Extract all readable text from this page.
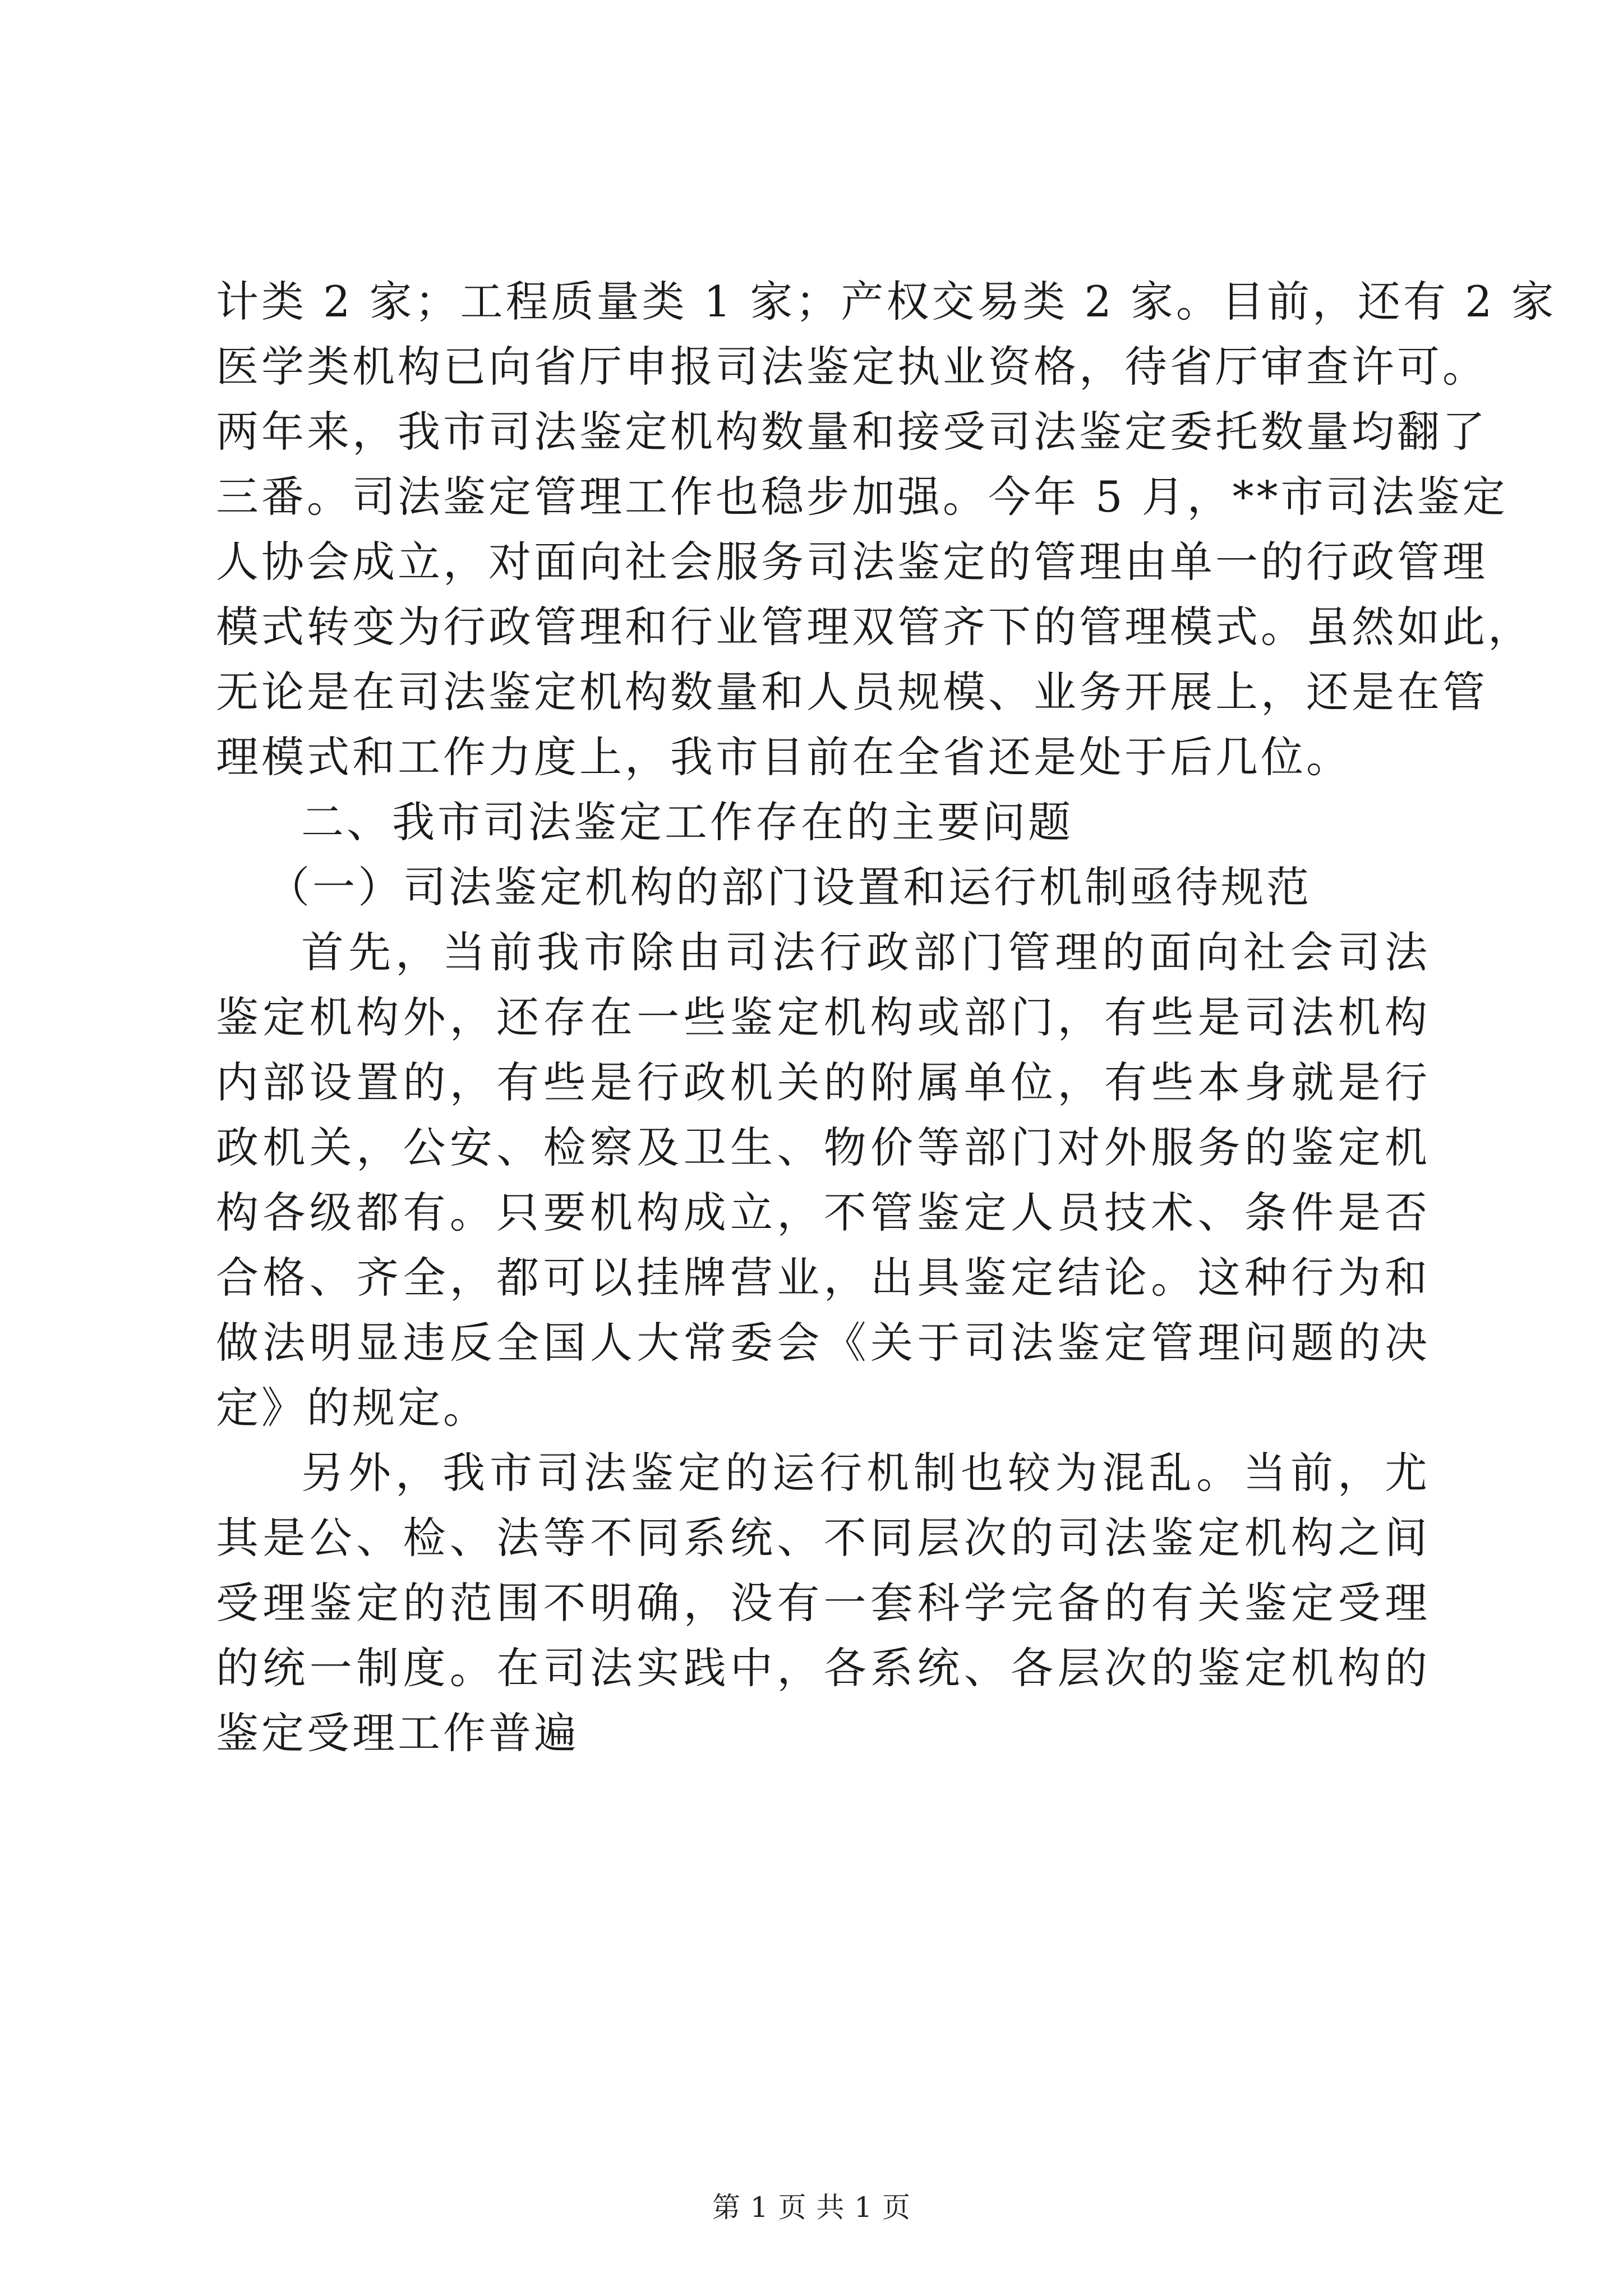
计类 2 家；工程质量类 1 家；产权交易类 2 家。目前，还有 2 家

医学类机构已向省厅申报司法鉴定执业资格，待省厅审查许可。

两年来，我市司法鉴定机构数量和接受司法鉴定委托数量均翻了

三番。司法鉴定管理工作也稳步加强。今年 5 月，**市司法鉴定

人协会成立，对面向社会服务司法鉴定的管理由单一的行政管理

模式转变为行政管理和行业管理双管齐下的管理模式。虽然如此，

无论是在司法鉴定机构数量和人员规模、业务开展上，还是在管

理模式和工作力度上，我市目前在全省还是处于后几位。

二、我市司法鉴定工作存在的主要问题

（一）司法鉴定机构的部门设置和运行机制亟待规范

首先，当前我市除由司法行政部门管理的面向社会司法鉴定机构外，还存在一些鉴定机构或部门，有些是司法机构内部设置的，有些是行政机关的附属单位，有些本身就是行政机关，公安、检察及卫生、物价等部门对外服务的鉴定机构各级都有。只要机构成立，不管鉴定人员技术、条件是否合格、齐全，都可以挂牌营业，出具鉴定结论。这种行为和做法明显违反全国人大常委会《关于司法鉴定管理问题的决定》的规定。

另外，我市司法鉴定的运行机制也较为混乱。当前，尤其是公、检、法等不同系统、不同层次的司法鉴定机构之间受理鉴定的范围不明确，没有一套科学完备的有关鉴定受理的统一制度。在司法实践中，各系统、各层次的鉴定机构的鉴定受理工作普遍

第 1 页 共 1 页
